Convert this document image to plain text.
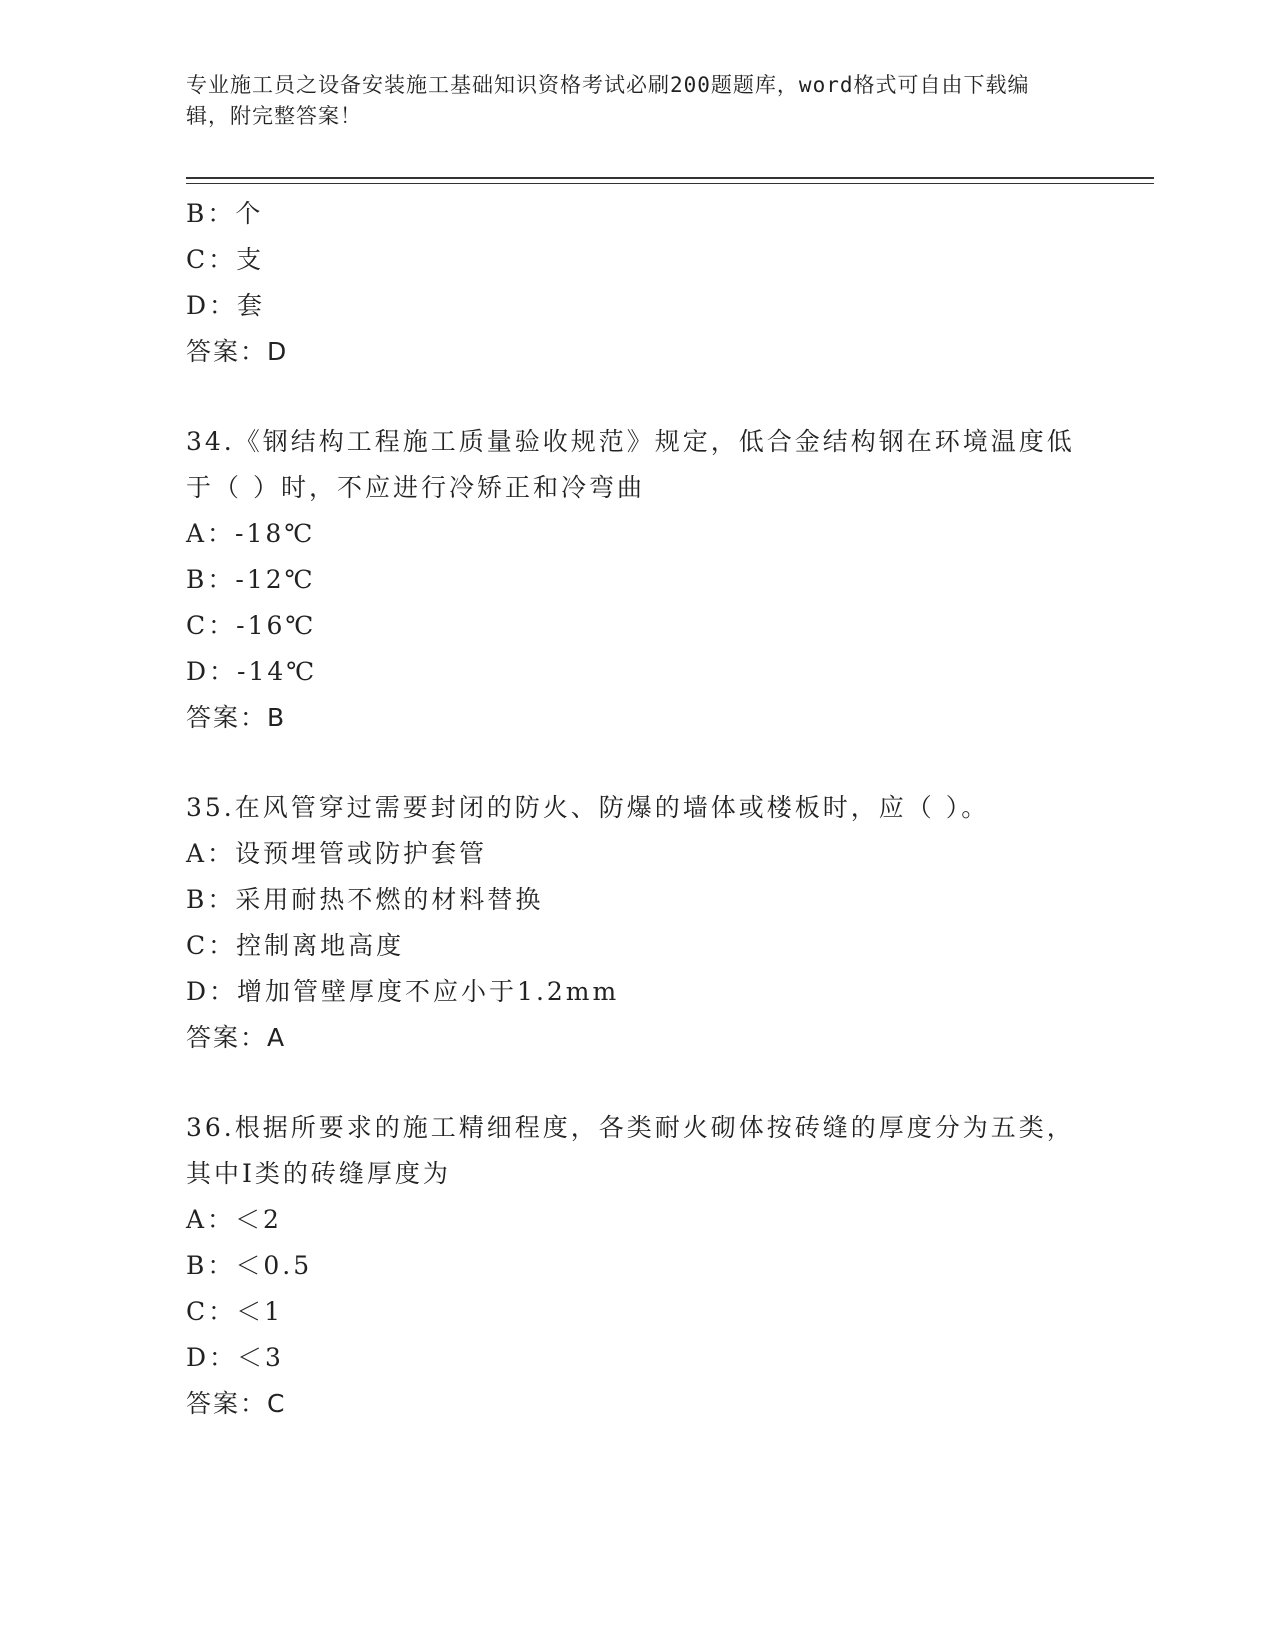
专业施工员之设备安装施工基础知识资格考试必刷200题题库，word格式可自由下载编辑，附完整答案！
B：个
C：支
D：套
答案：D
34.《钢结构工程施工质量验收规范》规定，低合金结构钢在环境温度低于（ ）时，不应进行冷矫正和冷弯曲
A：-18℃
B：-12℃
C：-16℃
D：-14℃
答案：B
35.在风管穿过需要封闭的防火、防爆的墙体或楼板时，应（ ）。
A：设预埋管或防护套管
B：采用耐热不燃的材料替换
C：控制离地高度
D：增加管壁厚度不应小于1.2mm
答案：A
36.根据所要求的施工精细程度，各类耐火砌体按砖缝的厚度分为五类，其中I类的砖缝厚度为
A：＜2
B：＜0.5
C：＜1
D：＜3
答案：C
